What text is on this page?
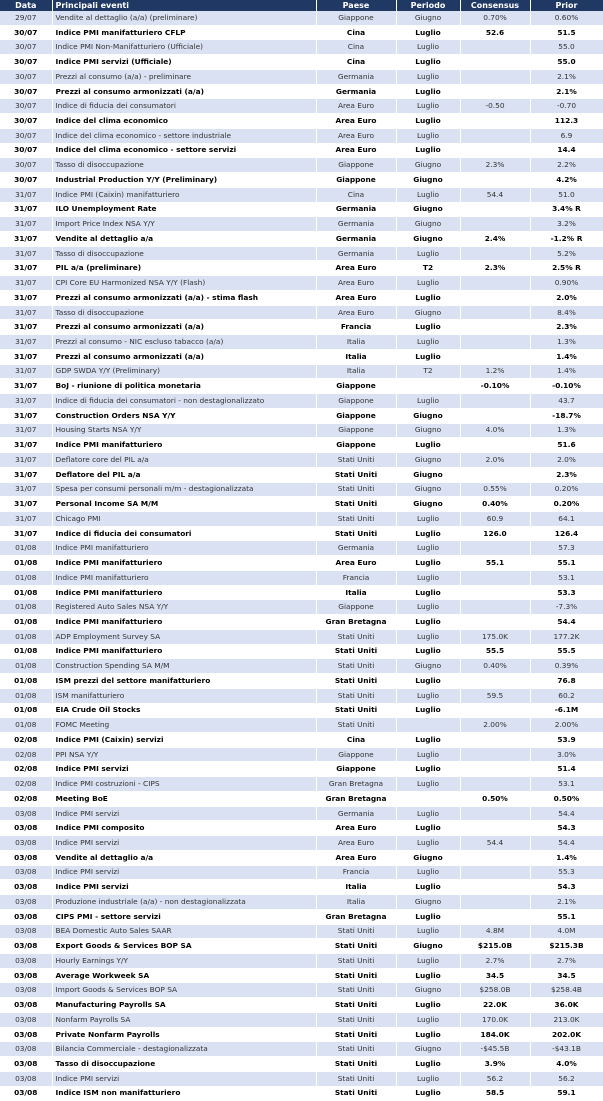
Data	Principali eventi	Paese	Periodo	Consensus	Prior
29/07	Vendite al dettaglio (a/a) (preliminare)	Giappone	Giugno	0.70%	0.60%
30/07	Indice PMI manifatturiero CFLP	Cina	Luglio	52.6	51.5
30/07	Indice PMI Non-Manifatturiero (Ufficiale)	Cina	Luglio		55.0
30/07	Indice PMI servizi (Ufficiale)	Cina	Luglio		55.0
30/07	Prezzi al consumo (a/a) - preliminare	Germania	Luglio		2.1%
30/07	Prezzi al consumo armonizzati (a/a)	Germania	Luglio		2.1%
30/07	Indice di fiducia dei consumatori	Area Euro	Luglio	-0.50	-0.70
30/07	Indice del clima economico	Area Euro	Luglio		112.3
30/07	Indice del clima economico - settore industriale	Area Euro	Luglio		6.9
30/07	Indice del clima economico - settore servizi	Area Euro	Luglio		14.4
30/07	Tasso di disoccupazione	Giappone	Giugno	2.3%	2.2%
30/07	Industrial Production Y/Y (Preliminary)	Giappone	Giugno		4.2%
31/07	Indice PMI (Caixin) manifatturiero	Cina	Luglio	54.4	51.0
31/07	ILO Unemployment Rate	Germania	Giugno		3.4% R
31/07	Import Price Index NSA Y/Y	Germania	Giugno		3.2%
31/07	Vendite al dettaglio a/a	Germania	Giugno	2.4%	-1.2% R
31/07	Tasso di disoccupazione	Germania	Luglio		5.2%
31/07	PIL a/a (preliminare)	Area Euro	T2	2.3%	2.5% R
31/07	CPI Core EU Harmonized NSA Y/Y (Flash)	Area Euro	Luglio		0.90%
31/07	Prezzi al consumo armonizzati (a/a) - stima flash	Area Euro	Luglio		2.0%
31/07	Tasso di disoccupazione	Area Euro	Giugno		8.4%
31/07	Prezzi al consumo armonizzati (a/a)	Francia	Luglio		2.3%
31/07	Prezzi al consumo - NIC escluso tabacco (a/a)	Italia	Luglio		1.3%
31/07	Prezzi al consumo armonizzati (a/a)	Italia	Luglio		1.4%
31/07	GDP SWDA Y/Y (Preliminary)	Italia	T2	1.2%	1.4%
31/07	BoJ - riunione di politica monetaria	Giappone		-0.10%	-0.10%
31/07	Indice di fiducia dei consumatori - non destagionalizzato	Giappone	Luglio		43.7
31/07	Construction Orders NSA Y/Y	Giappone	Giugno		-18.7%
31/07	Housing Starts NSA Y/Y	Giappone	Giugno	4.0%	1.3%
31/07	Indice PMI manifatturiero	Giappone	Luglio		51.6
31/07	Deflatore core del PIL a/a	Stati Uniti	Giugno	2.0%	2.0%
31/07	Deflatore del PIL a/a	Stati Uniti	Giugno		2.3%
31/07	Spesa per consumi personali m/m - destagionalizzata	Stati Uniti	Giugno	0.55%	0.20%
31/07	Personal Income SA M/M	Stati Uniti	Giugno	0.40%	0.20%
31/07	Chicago PMI	Stati Uniti	Luglio	60.9	64.1
31/07	Indice di fiducia dei consumatori	Stati Uniti	Luglio	126.0	126.4
01/08	Indice PMI manifatturiero	Germania	Luglio		57.3
01/08	Indice PMI manifatturiero	Area Euro	Luglio	55.1	55.1
01/08	Indice PMI manifatturiero	Francia	Luglio		53.1
01/08	Indice PMI manifatturiero	Italia	Luglio		53.3
01/08	Registered Auto Sales NSA Y/Y	Giappone	Luglio		-7.3%
01/08	Indice PMI manifatturiero	Gran Bretagna	Luglio		54.4
01/08	ADP Employment Survey SA	Stati Uniti	Luglio	175.0K	177.2K
01/08	Indice PMI manifatturiero	Stati Uniti	Luglio	55.5	55.5
01/08	Construction Spending SA M/M	Stati Uniti	Giugno	0.40%	0.39%
01/08	ISM prezzi del settore manifatturiero	Stati Uniti	Luglio		76.8
01/08	ISM manifatturiero	Stati Uniti	Luglio	59.5	60.2
01/08	EIA Crude Oil Stocks	Stati Uniti	Luglio		-6.1M
01/08	FOMC Meeting	Stati Uniti		2.00%	2.00%
02/08	Indice PMI (Caixin) servizi	Cina	Luglio		53.9
02/08	PPI NSA Y/Y	Giappone	Luglio		3.0%
02/08	Indice PMI servizi	Giappone	Luglio		51.4
02/08	Indice PMI costruzioni - CIPS	Gran Bretagna	Luglio		53.1
02/08	Meeting BoE	Gran Bretagna		0.50%	0.50%
03/08	Indice PMI servizi	Germania	Luglio		54.4
03/08	Indice PMI composito	Area Euro	Luglio		54.3
03/08	Indice PMI servizi	Area Euro	Luglio	54.4	54.4
03/08	Vendite al dettaglio a/a	Area Euro	Giugno		1.4%
03/08	Indice PMI servizi	Francia	Luglio		55.3
03/08	Indice PMI servizi	Italia	Luglio		54.3
03/08	Produzione industriale (a/a) - non destagionalizzata	Italia	Giugno		2.1%
03/08	CIPS PMI - settore servizi	Gran Bretagna	Luglio		55.1
03/08	BEA Domestic Auto Sales SAAR	Stati Uniti	Luglio	4.8M	4.0M
03/08	Export Goods & Services BOP SA	Stati Uniti	Giugno	$215.0B	$215.3B
03/08	Hourly Earnings Y/Y	Stati Uniti	Luglio	2.7%	2.7%
03/08	Average Workweek SA	Stati Uniti	Luglio	34.5	34.5
03/08	Import Goods & Services BOP SA	Stati Uniti	Giugno	$258.0B	$258.4B
03/08	Manufacturing Payrolls SA	Stati Uniti	Luglio	22.0K	36.0K
03/08	Nonfarm Payrolls SA	Stati Uniti	Luglio	170.0K	213.0K
03/08	Private Nonfarm Payrolls	Stati Uniti	Luglio	184.0K	202.0K
03/08	Bilancia Commerciale - destagionalizzata	Stati Uniti	Giugno	-$45.5B	-$43.1B
03/08	Tasso di disoccupazione	Stati Uniti	Luglio	3.9%	4.0%
03/08	Indice PMI servizi	Stati Uniti	Luglio	56.2	56.2
03/08	Indice ISM non manifatturiero	Stati Uniti	Luglio	58.5	59.1
